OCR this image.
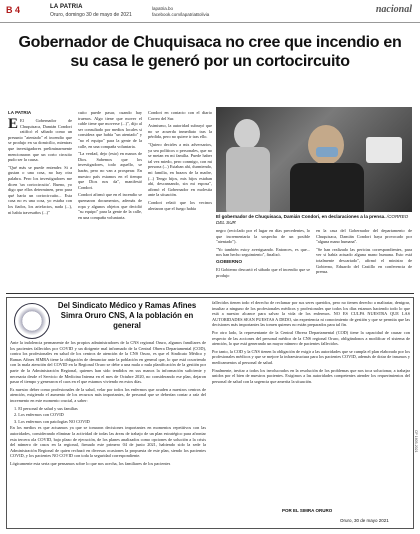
B 4	LA PATRIA
Oruro, domingo 30 de mayo de 2021
lapatria.bo
facebook.com/lapatriaBolivia	nacional
Gobernador de Chuquisaca no cree que incendio en su casa le generó por un cortocircuito
LA PATRIA
E El Gobernador de Chuquisaca, Damián Condori ratificó el sábado como un presunto "atentado" el incendio que se produjo en su domicilio, mientras que investigadores preliminarmente mencionaron que un corto circuito pudo ser la causa.
"Qué más se puede entender. Si a gustan o una cosa, no hay otra palabra. Pero los investigadores me dicen 'un cortocircuito'. Bueno, yo digo que ellos determinen, pero para qué haría un cortocircuito... Esta casa no es una cosa, yo estaba con los fiados, los artefactos, nada (...), ni había travesaños (...)"
cuito puede pasar, cuando hay truenos. Algo tiene que mover el cable tiene que moverse (...)", dijo al ser consultado por medios locales si considera que había "un atentado" y "no el equipo" para la gente de la calle, en una compaña voluntaria.
"La verdad, dejo (esto) en manos de Dios. Sabemos que los investigadores, todo aquello, se harán, pero no van a prosperar. En nuestro país estamos en el tiempo que Dios nos da", manifestó Condori.
Condori afirmó que en el incendio se quemaron documentos, además de ropa y algunos objetos que decidió "su equipo" para la gente de la calle, en una compaña voluntaria.
Condori en contacto con el diario Correo del Sur.
Asimismo, la autoridad subrayó que no se acuerda inmediato tras la pérdida, pero no quiere ir tras ello.
"Quiero decirles a mis adversarios, ya sea políticos o personales, que no se metan en mi familia. Puede haber tal vez miedo, pero conmigo, con mi persona (...) Estaban ahí, durmiendo, mi familia, en brazos de la madre, (...) Tengo hijos, mis hijos estaban ahí, descansando, sin mi esposa", afirmó el Gobernador en molestia ante la situación.
Condori relató que los vecinos alertaron que el fuego había
El gobernador de Chuquisaca, Damián Condori, en declaraciones a la prensa. /CORREO DEL SUR
negro (reciclado por el lugar en días precedentes, lo que incrementaría la sospecha de un posible "atentado").
"Yo también estoy averiguando. Entonces, es que... nos han hecho seguimiento", finalizó.
GOBIERNO
El Gobierno descartó el sábado que el incendio que se produjo
en la casa del Gobernador del departamento de Chuquisaca, Damián Condori haya provocado por "alguna mano humana".
"Se han realizado las pericias correspondientes, para ver si había actuado alguna mano humana. Esto está totalmente descartado", afirmó el ministro de Gobierno, Eduardo del Castillo en conferencia de prensa.
Del Sindicato Médico y Ramas Afines Simra Oruro CNS, A la población en general
Ante la indolencia permanente de los propios administradores de la CNS regional Oruro, algunos familiares de los pacientes fallecidos por COVID y un dirigente mal informado de la Central Obrera Departamental (COD), contra los profesionales en salud de los centros de atención de la CNS Oruro, es que el Sindicato Médico y Ramas Afines SIMRA tiene la obligación de denunciar ante la población en general que, lo que está ocurriendo con la mala atención del COVID en la Regional Oruro se debe a una mala o nula planificación de la gestión por parte de la Administración Regional, quienes han sido tendidos en sus manos la información suficiente y necesaria desde el Servicio de Medicina Interna en el mes de Octubre 2020, no considerando ese plan, dejaron pasar el tiempo y generaron el caos en el que estamos viviendo en estos días.
Es nuestro deber como profesionales de la salud, velar por todos los enfermos que acuden a nuestros centros de atención, exigiendo el aumento de los recursos más importantes, de personal que se deberían contar a raíz del incremento en este momento crucial, a saber:
1. El personal de salud y sus familias
2. Los enfermos con COVID
3. Los enfermos con patologías NO COVID
En los medios es que actuamos ya que se tomaron decisiones importantes en momentos repetitivos con las autoridades, considerando eliminar la actividad de todas las áreas de trabajo de un plan estratégico para afrontar esta tercera ola COVID, bajo plazo de ejecución, de los planes analizados como opciones de solución a la crisis del número de casos en la regional, firmado este primero 04 de junio 2021, habiendo sido la sede la Administración Regional de quien rechazó en diversas ocasiones la propuesta de este plan, siendo los pacientes COVID, y los pacientes NO COVID con toda la seguridad correspondiente.
Lógicamente esta seria que pensamos sobre lo que nos acecha, los familiares de los pacientes
fallecidos tienen todo el derecho de reclamar por sus seres queridos, pero no tienen derecho a maltratar, denigrar, insultar a ninguno de los profesionales médicos y profesionales que todos los días estamos haciendo todo lo que está a nuestro alcance para salvar la vida de los enfermos. NO ES CULPA NUESTRA QUE LAS AUTORIDADES SEAN PUESTAS A DEDO, sin experiencia ni conocimiento de gestión y que se permita que las decisiones más importantes las tomen quienes no están preparados para tal fin.
Por otro lado, la representante de la Central Obrera Departamental (COD) tiene la capacidad de causar con respecto de las acciones del personal médico de la CNS regional Oruro, obligándonos a modificar el sistema de atención, lo que está generando un mayor número de pacientes fallecidos.
Por tanto, la COD y la CNS tienen la obligación de exigir a las autoridades que se cumpla el plan elaborado por los profesionales médicos y que se mejore la infraestructura para los pacientes COVID, además de dotar de insumos y medicamentos al personal de salud.
Finalmente, invitar a todos los involucrados en la resolución de los problemas que nos toca solucionar, a trabajar unidos por el bien de nuestros pacientes. Exigimos a las autoridades competentes atender los requerimientos del personal de salud con la urgencia que amerita la situación.
POR EL SIMRA ORURO
Oruro, 30 de mayo 2021
CP 1605-2021
